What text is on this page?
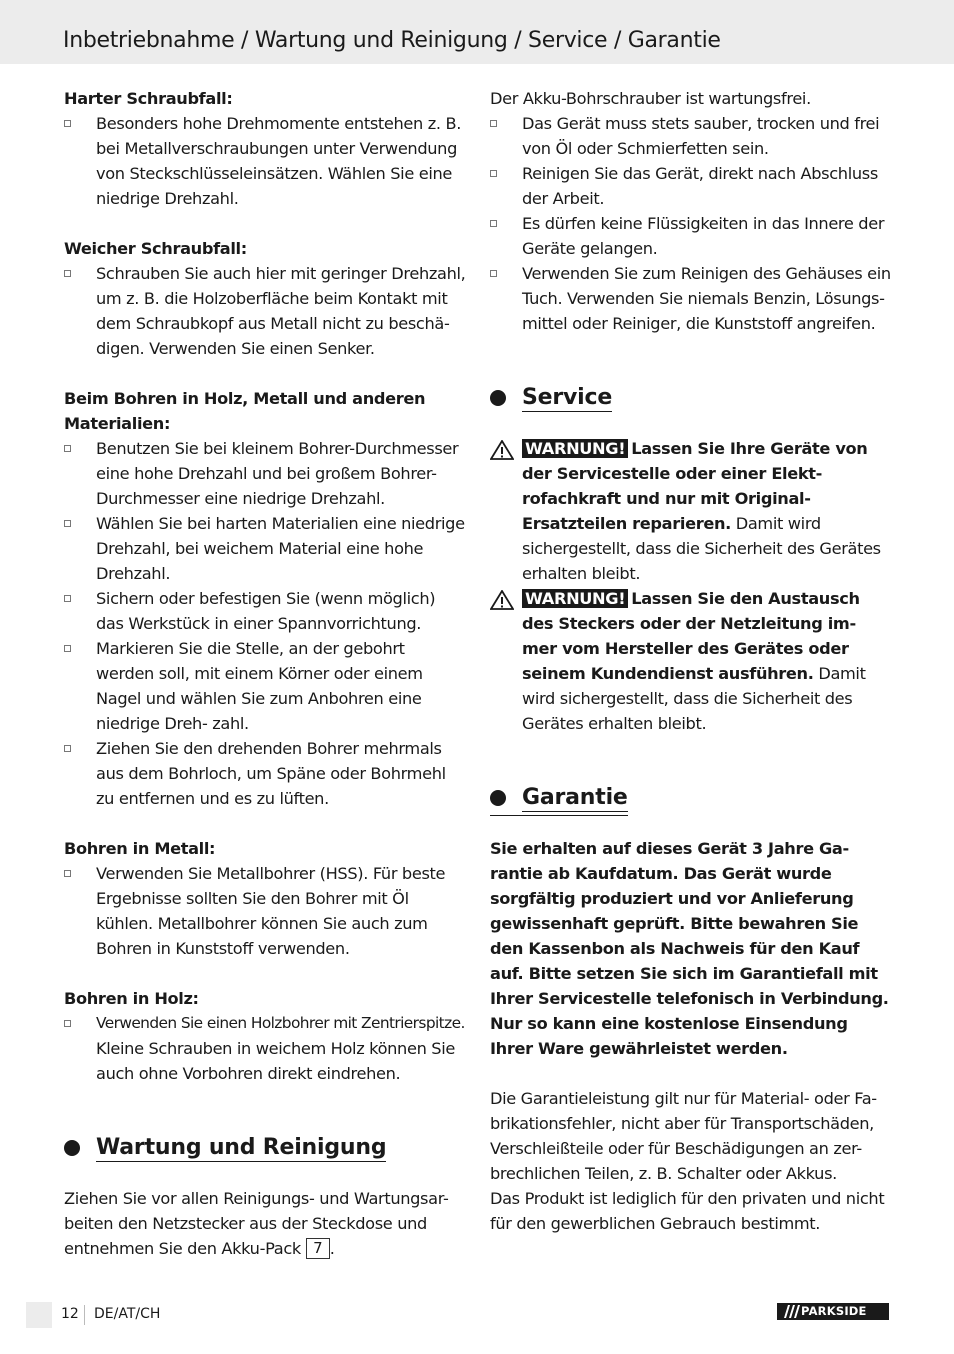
Inbetriebnahme / Wartung und Reinigung / Service / Garantie

Harter Schraubfall:

Besonders hohe Drehmomente entstehen z. B. bei Metallverschraubungen unter Verwendung von Steckschlüsseleinsätzen. Wählen Sie eine niedrige Drehzahl.

Weicher Schraubfall:

Schrauben Sie auch hier mit geringer Drehzahl, um z. B. die Holzoberfläche beim Kontakt mit dem Schraubkopf aus Metall nicht zu beschä- digen. Verwenden Sie einen Senker.

Beim Bohren in Holz, Metall und anderen Materialien:

Benutzen Sie bei kleinem Bohrer-Durchmesser eine hohe Drehzahl und bei großem Bohrer- Durchmesser eine niedrige Drehzahl.

Wählen Sie bei harten Materialien eine niedrige Drehzahl, bei weichem Material eine hohe Drehzahl.

Sichern oder befestigen Sie (wenn möglich) das Werkstück in einer Spannvorrichtung.

Markieren Sie die Stelle, an der gebohrt werden soll, mit einem Körner oder einem Nagel und wählen Sie zum Anbohren eine niedrige Dreh- zahl.

Ziehen Sie den drehenden Bohrer mehrmals aus dem Bohrloch, um Späne oder Bohrmehl zu entfernen und es zu lüften.

Bohren in Metall:

Verwenden Sie Metallbohrer (HSS). Für beste Ergebnisse sollten Sie den Bohrer mit Öl kühlen. Metallbohrer können Sie auch zum Bohren in Kunststoff verwenden.

Bohren in Holz:

Verwenden Sie einen Holzbohrer mit Zentrierspitze.
Kleine Schrauben in weichem Holz können Sie auch ohne Vorbohren direkt eindrehen.

Wartung und Reinigung

Ziehen Sie vor allen Reinigungs- und Wartungsar- beiten den Netzstecker aus der Steckdose und entnehmen Sie den Akku-Pack 7 .

Der Akku-Bohrschrauber ist wartungsfrei.

Das Gerät muss stets sauber, trocken und frei von Öl oder Schmierfetten sein.

Reinigen Sie das Gerät, direkt nach Abschluss der Arbeit.

Es dürfen keine Flüssigkeiten in das Innere der Geräte gelangen.

Verwenden Sie zum Reinigen des Gehäuses ein Tuch. Verwenden Sie niemals Benzin, Lösungs- mittel oder Reiniger, die Kunststoff angreifen.

Service

WARNUNG! Lassen Sie Ihre Geräte von der Servicestelle oder einer Elekt- rofachkraft und nur mit Original- Ersatzteilen reparieren. Damit wird sichergestellt, dass die Sicherheit des Gerätes erhalten bleibt.

WARNUNG! Lassen Sie den Austausch des Steckers oder der Netzleitung im- mer vom Hersteller des Gerätes oder seinem Kundendienst ausführen. Damit wird sichergestellt, dass die Sicherheit des Gerätes erhalten bleibt.

Garantie

Sie erhalten auf dieses Gerät 3 Jahre Ga- rantie ab Kaufdatum. Das Gerät wurde sorgfältig produziert und vor Anlieferung gewissenhaft geprüft. Bitte bewahren Sie den Kassenbon als Nachweis für den Kauf auf. Bitte setzen Sie sich im Garantiefall mit Ihrer Servicestelle telefonisch in Verbindung. Nur so kann eine kostenlose Einsendung Ihrer Ware gewährleistet werden.

Die Garantieleistung gilt nur für Material- oder Fa- brikationsfehler, nicht aber für Transportschäden, Verschleißteile oder für Beschädigungen an zer- brechlichen Teilen, z. B. Schalter oder Akkus.

Das Produkt ist lediglich für den privaten und nicht für den gewerblichen Gebrauch bestimmt.

12 DE/AT/CH	PARKSIDE
